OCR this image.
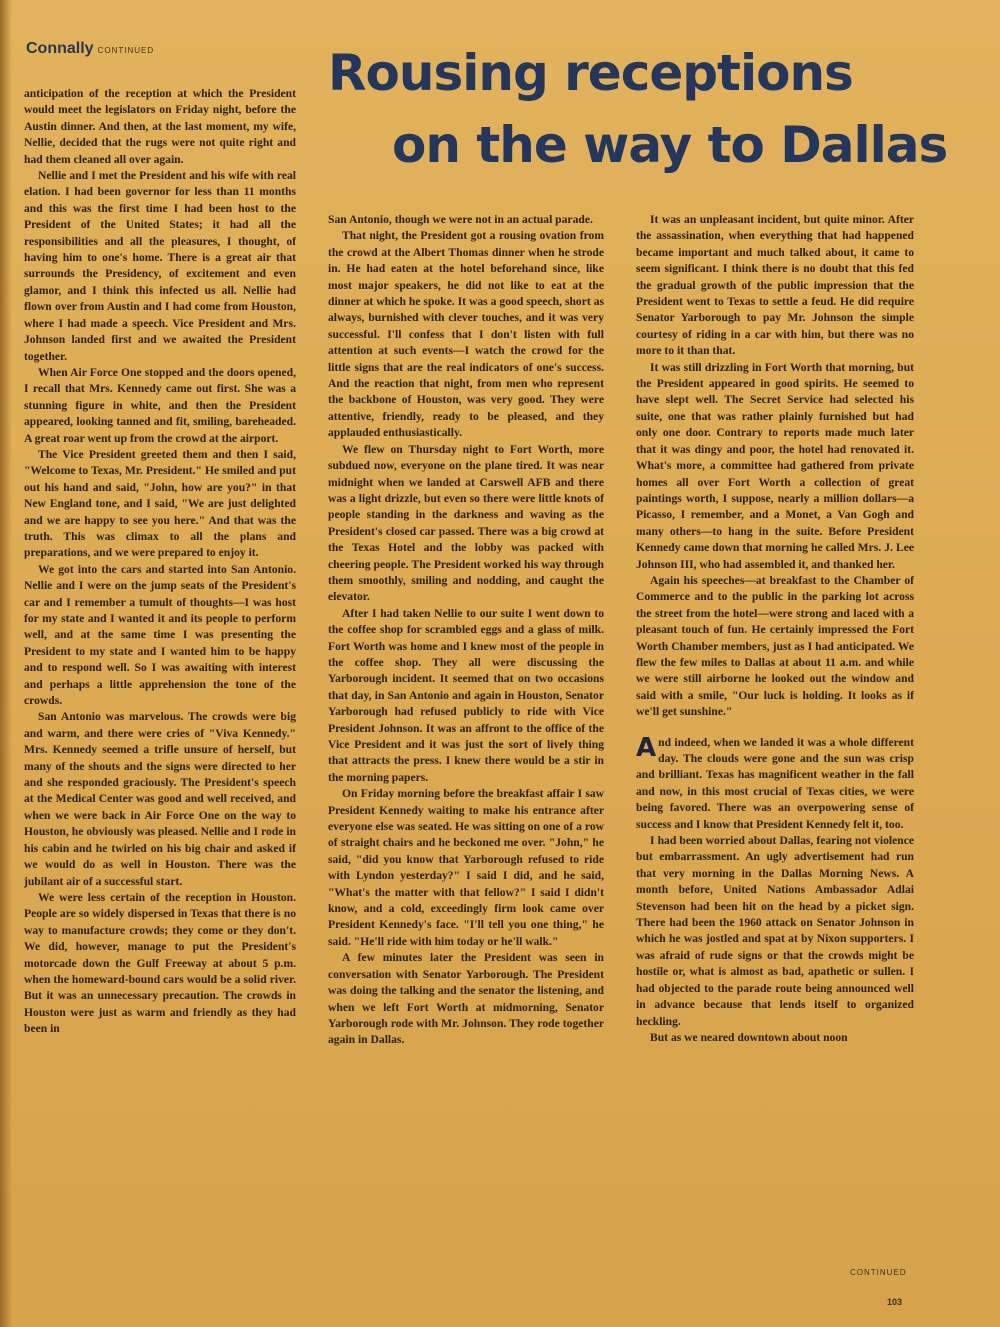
Connally CONTINUED	Rousing receptions
on the way to Dallas

anticipation of the reception at which the President would meet the legislators on Friday night, before the Austin dinner. And then, at the last moment, my wife, Nellie, decided that the rugs were not quite right and had them cleaned all over again.

Nellie and I met the President and his wife with real elation. I had been governor for less than 11 months and this was the first time I had been host to the President of the United States; it had all the responsibilities and all the pleasures, I thought, of having him to one's home. There is a great air that surrounds the Presidency, of excitement and even glamor, and I think this infected us all. Nellie had flown over from Austin and I had come from Houston, where I had made a speech. Vice President and Mrs. Johnson landed first and we awaited the President together.

When Air Force One stopped and the doors opened, I recall that Mrs. Kennedy came out first. She was a stunning figure in white, and then the President appeared, looking tanned and fit, smiling, bareheaded. A great roar went up from the crowd at the airport.

The Vice President greeted them and then I said, "Welcome to Texas, Mr. President." He smiled and put out his hand and said, "John, how are you?" in that New England tone, and I said, "We are just delighted and we are happy to see you here." And that was the truth. This was climax to all the plans and preparations, and we were prepared to enjoy it.

We got into the cars and started into San Antonio. Nellie and I were on the jump seats of the President's car and I remember a tumult of thoughts—I was host for my state and I wanted it and its people to perform well, and at the same time I was presenting the President to my state and I wanted him to be happy and to respond well. So I was awaiting with interest and perhaps a little apprehension the tone of the crowds.

San Antonio was marvelous. The crowds were big and warm, and there were cries of "Viva Kennedy." Mrs. Kennedy seemed a trifle unsure of herself, but many of the shouts and the signs were directed to her and she responded graciously. The President's speech at the Medical Center was good and well received, and when we were back in Air Force One on the way to Houston, he obviously was pleased. Nellie and I rode in his cabin and he twirled on his big chair and asked if we would do as well in Houston. There was the jubilant air of a successful start.

We were less certain of the reception in Houston. People are so widely dispersed in Texas that there is no way to manufacture crowds; they come or they don't. We did, however, manage to put the President's motorcade down the Gulf Freeway at about 5 p.m. when the homeward-bound cars would be a solid river. But it was an unnecessary precaution. The crowds in Houston were just as warm and friendly as they had been in

San Antonio, though we were not in an actual parade.

That night, the President got a rousing ovation from the crowd at the Albert Thomas dinner when he strode in. He had eaten at the hotel beforehand since, like most major speakers, he did not like to eat at the dinner at which he spoke. It was a good speech, short as always, burnished with clever touches, and it was very successful. I'll confess that I don't listen with full attention at such events—I watch the crowd for the little signs that are the real indicators of one's success. And the reaction that night, from men who represent the backbone of Houston, was very good. They were attentive, friendly, ready to be pleased, and they applauded enthusiastically.

We flew on Thursday night to Fort Worth, more subdued now, everyone on the plane tired. It was near midnight when we landed at Carswell AFB and there was a light drizzle, but even so there were little knots of people standing in the darkness and waving as the President's closed car passed. There was a big crowd at the Texas Hotel and the lobby was packed with cheering people. The President worked his way through them smoothly, smiling and nodding, and caught the elevator.

After I had taken Nellie to our suite I went down to the coffee shop for scrambled eggs and a glass of milk. Fort Worth was home and I knew most of the people in the coffee shop. They all were discussing the Yarborough incident. It seemed that on two occasions that day, in San Antonio and again in Houston, Senator Yarborough had refused publicly to ride with Vice President Johnson. It was an affront to the office of the Vice President and it was just the sort of lively thing that attracts the press. I knew there would be a stir in the morning papers.

On Friday morning before the breakfast affair I saw President Kennedy waiting to make his entrance after everyone else was seated. He was sitting on one of a row of straight chairs and he beckoned me over. "John," he said, "did you know that Yarborough refused to ride with Lyndon yesterday?" I said I did, and he said, "What's the matter with that fellow?" I said I didn't know, and a cold, exceedingly firm look came over President Kennedy's face. "I'll tell you one thing," he said. "He'll ride with him today or he'll walk."

A few minutes later the President was seen in conversation with Senator Yarborough. The President was doing the talking and the senator the listening, and when we left Fort Worth at midmorning, Senator Yarborough rode with Mr. Johnson. They rode together again in Dallas.

It was an unpleasant incident, but quite minor. After the assassination, when everything that had happened became important and much talked about, it came to seem significant. I think there is no doubt that this fed the gradual growth of the public impression that the President went to Texas to settle a feud. He did require Senator Yarborough to pay Mr. Johnson the simple courtesy of riding in a car with him, but there was no more to it than that.

It was still drizzling in Fort Worth that morning, but the President appeared in good spirits. He seemed to have slept well. The Secret Service had selected his suite, one that was rather plainly furnished but had only one door. Contrary to reports made much later that it was dingy and poor, the hotel had renovated it. What's more, a committee had gathered from private homes all over Fort Worth a collection of great paintings worth, I suppose, nearly a million dollars—a Picasso, I remember, and a Monet, a Van Gogh and many others—to hang in the suite. Before President Kennedy came down that morning he called Mrs. J. Lee Johnson III, who had assembled it, and thanked her.

Again his speeches—at breakfast to the Chamber of Commerce and to the public in the parking lot across the street from the hotel—were strong and laced with a pleasant touch of fun. He certainly impressed the Fort Worth Chamber members, just as I had anticipated. We flew the few miles to Dallas at about 11 a.m. and while we were still airborne he looked out the window and said with a smile, "Our luck is holding. It looks as if we'll get sunshine."

And indeed, when we landed it was a whole different day. The clouds were gone and the sun was crisp and brilliant. Texas has magnificent weather in the fall and now, in this most crucial of Texas cities, we were being favored. There was an overpowering sense of success and I know that President Kennedy felt it, too.

I had been worried about Dallas, fearing not violence but embarrassment. An ugly advertisement had run that very morning in the Dallas Morning News. A month before, United Nations Ambassador Adlai Stevenson had been hit on the head by a picket sign. There had been the 1960 attack on Senator Johnson in which he was jostled and spat at by Nixon supporters. I was afraid of rude signs or that the crowds might be hostile or, what is almost as bad, apathetic or sullen. I had objected to the parade route being announced well in advance because that lends itself to organized heckling.

But as we neared downtown about noon

CONTINUED
103
